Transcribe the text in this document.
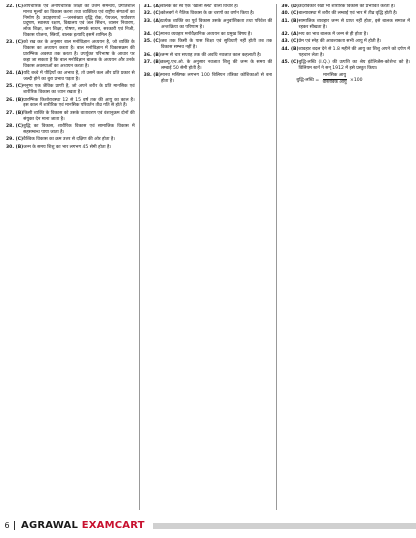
22. (C) औपचारिक एवं अनौपचारिक शिक्षा का उत्तम समन्वय, प्रगतिशील मानव मूल्यों का विकास करना तथा व्यक्तित्व एवं राष्ट्रीय संगठनों का निर्माण है। उदाहरणार्थ —जनसंख्या वृद्धि रोक, पेयजल, पर्यावरण प्रदूषण, स्वास्थ्य रक्षण, विद्यालय एवं जल सिंचन, व्यसन निवारण, लोक शिक्षा, जन शिक्षा, पोषण, सम्पर्क साधन, सरकारी एवं निजी, विकास योजना, स्त्रियाँ, बालक इत्यादि इसमें शामिल हैं।
23. (C) को रख कर के अनुसार बाल मनोविज्ञान अध्ययन है, जो व्यक्ति के विकास का अध्ययन करता है। बाल मनोविज्ञान में विकासक्रम की प्रारम्भिक अवस्था तक करता है। उपर्युक्त परिभाषा के आधार पर कहा जा सकता है कि बाल मनोविज्ञान बालक के अध्ययन और उनके विकास अवस्थाओं का अध्ययन करता है।
24. (A) यदि बच्चे में पीढ़ियाँ का अभाव है, तो उसमें कल और प्रति प्रकार से जल्दी होने का बुरा प्रभाव पड़ता है।
25. (C) मनुष्य एक जैविक प्राणी है, जो अपने शरीर के प्रति मानसिक एवं शारीरिक विकास का ध्यान रखता है।
26. (B) प्रारम्भिक किशोरावस्था 12 से 15 वर्ष तक की आयु का काल है। इस काल में शारीरिक एवं मानसिक परिवर्तन तीव्र गति से होते हैं।
27. (B) किसी व्यक्ति के विकास को उसके वातावरण एवं वंशानुक्रम दोनों की संयुक्त देन माना जाता है।
28. (C) बुद्धि का विकास, शारीरिक विकास एवं सामाजिक विकास में सहसम्बन्ध पाया जाता है।
29. (C) वैश्विक विकास का क्रम उत्तर से दक्षिण की ओर होता है।
30. (B) जन्म के समय शिशु का भार लगभग 45 सेमी होता है।
31. (A) बालक का स्व एक 'खाली स्लेट' वाला विचार है।
32. (C) कोलबर्ग ने नैतिक विकास के छः चरणों का वर्णन किया है।
33. (A) प्रत्येक व्यक्ति का पूर्व विकास उसके अनुवांशिकता तथा परिवेश की अन्तःक्रिया का परिणाम है।
34. (C) मानव व्यवहार मनोवैज्ञानिक अध्ययन का प्रमुख विषय है।
35. (C) जब तक किसी के पास शिक्षा एवं सुविधाएँ नहीं होती तब तक विकास सम्भव नहीं है।
36. (B) जन्म से चार सप्ताह तक की अवधि नवजात काल कहलाती है।
37. (B) डब्ल्यू.एच.ओ. के अनुसार नवजात शिशु की जन्म के समय की लम्बाई 50 सेमी होती है।
38. (B) मानव मस्तिष्क लगभग 100 बिलियन तंत्रिका कोशिकाओं से बना होता है।
39. (D) उदरविकार रेखा भी शारीरिक विकास को प्रभावित करती है।
40. (C) बाल्यावस्था में शरीर की लम्बाई एवं भार में तीव्र वृद्धि होती है।
41. (B) सामाजिक व्यवहार जन्म से प्राप्त नहीं होता, इसे बालक समाज में रहकर सीखता है।
42. (A) भय का भाव बालक में जन्म से ही होता है।
43. (C) प्रेम एवं स्नेह की आवश्यकता सभी आयु में होती है।
44. (B) व्यवहार बदल देने से 1.8 महीने की आयु का शिशु अपने को दर्पण में पहचान लेता है।
45. (C) बुद्धि-लब्धि (I.Q.) की उत्पत्ति का श्रेय इंटेलिजेंस-कोशेन्ट को है। विलियम स्टर्न ने सन् 1912 में इसे प्रस्तुत किया।
बुद्धि-लब्धि = $\frac{\text{मानसिक आयु}}{\text{वास्तविक आयु}} \times 100$
6	AGRAWAL EXAMCART
